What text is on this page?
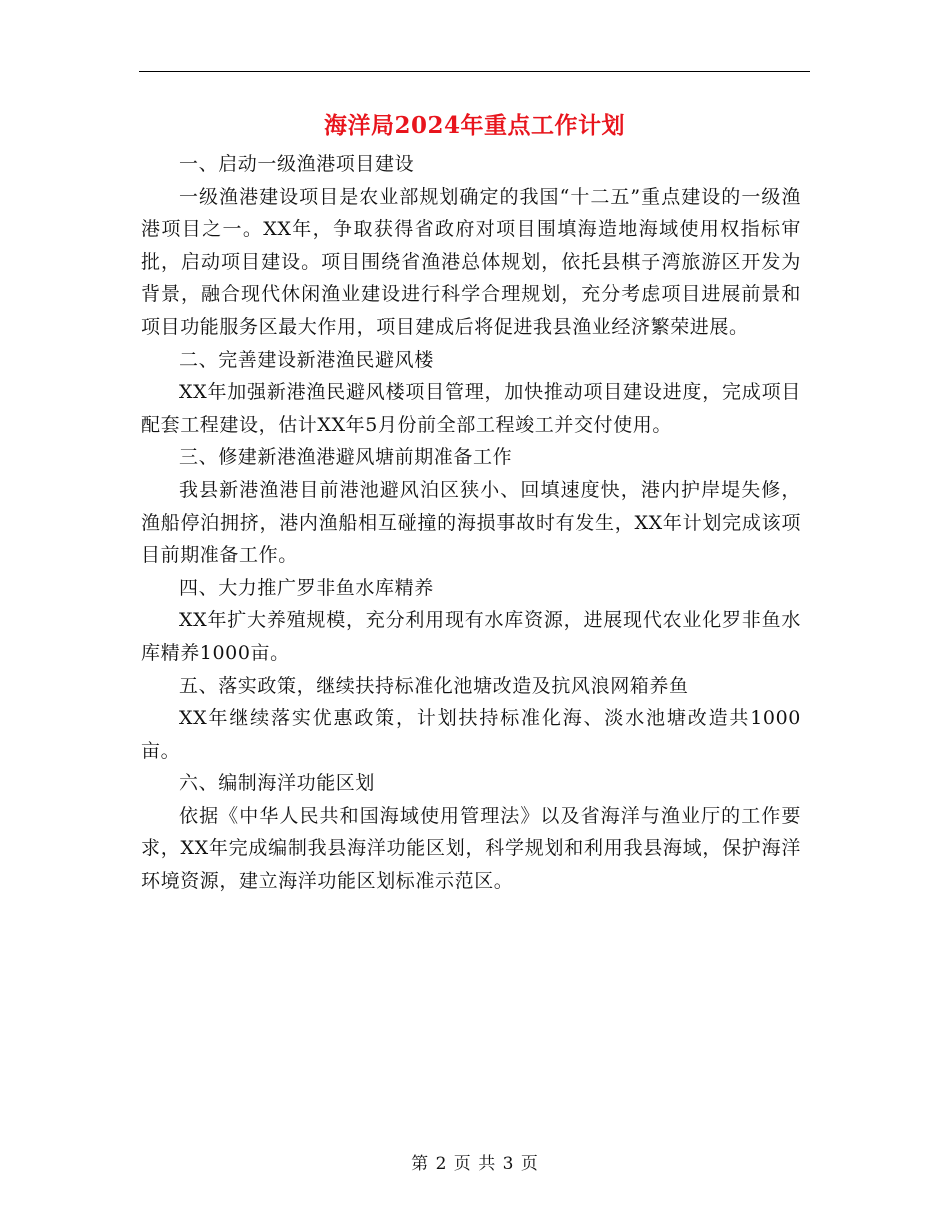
海洋局2024年重点工作计划

一、启动一级渔港项目建设

一级渔港建设项目是农业部规划确定的我国“十二五”重点建设的一级渔港项目之一。XX年，争取获得省政府对项目围填海造地海域使用权指标审批，启动项目建设。项目围绕省渔港总体规划，依托县棋子湾旅游区开发为背景，融合现代休闲渔业建设进行科学合理规划，充分考虑项目进展前景和项目功能服务区最大作用，项目建成后将促进我县渔业经济繁荣进展。

二、完善建设新港渔民避风楼

XX年加强新港渔民避风楼项目管理，加快推动项目建设进度，完成项目配套工程建设，估计XX年5月份前全部工程竣工并交付使用。

三、修建新港渔港避风塘前期准备工作

我县新港渔港目前港池避风泊区狭小、回填速度快，港内护岸堤失修，渔船停泊拥挤，港内渔船相互碰撞的海损事故时有发生，XX年计划完成该项目前期准备工作。

四、大力推广罗非鱼水库精养

XX年扩大养殖规模，充分利用现有水库资源，进展现代农业化罗非鱼水库精养1000亩。

五、落实政策，继续扶持标准化池塘改造及抗风浪网箱养鱼

XX年继续落实优惠政策，计划扶持标准化海、淡水池塘改造共1000亩。

六、编制海洋功能区划

依据《中华人民共和国海域使用管理法》以及省海洋与渔业厅的工作要求，XX年完成编制我县海洋功能区划，科学规划和利用我县海域，保护海洋环境资源，建立海洋功能区划标准示范区。

第 2 页 共 3 页
